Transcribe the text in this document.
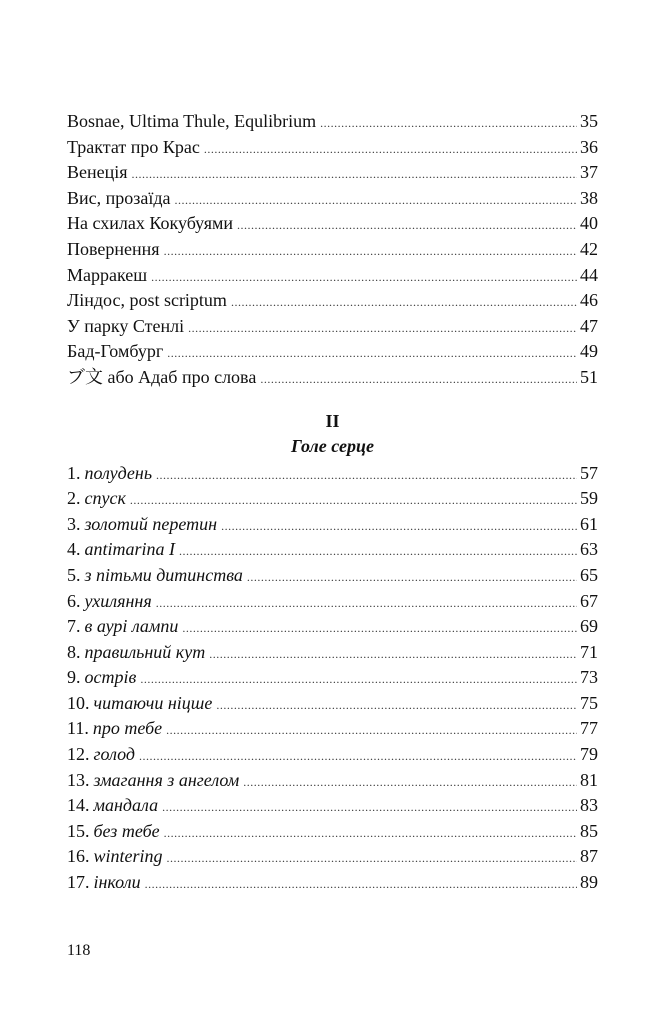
Bosnae, Ultima Thule, Equlibrium .....	35
Трактат про Крас .....	36
Венеція .....	37
Вис, прозаїда .....	38
На схилах Кокубуями .....	40
Повернення .....	42
Марракеш .....	44
Ліндос, post scriptum .....	46
У парку Стенлі .....	47
Бад-Гомбург .....	49
ブ文 або Адаб про слова .....	51
II
Голе серце
1. полудень .....	57
2. спуск .....	59
3. золотий перетин .....	61
4. antimarina I .....	63
5. з пітьми дитинства .....	65
6. ухиляння .....	67
7. в аурі лампи .....	69
8. правильний кут .....	71
9. острів .....	73
10. читаючи ніцше .....	75
11. про тебе .....	77
12. голод .....	79
13. змагання з ангелом .....	81
14. мандала .....	83
15. без тебе .....	85
16. wintering .....	87
17. інколи .....	89
118
